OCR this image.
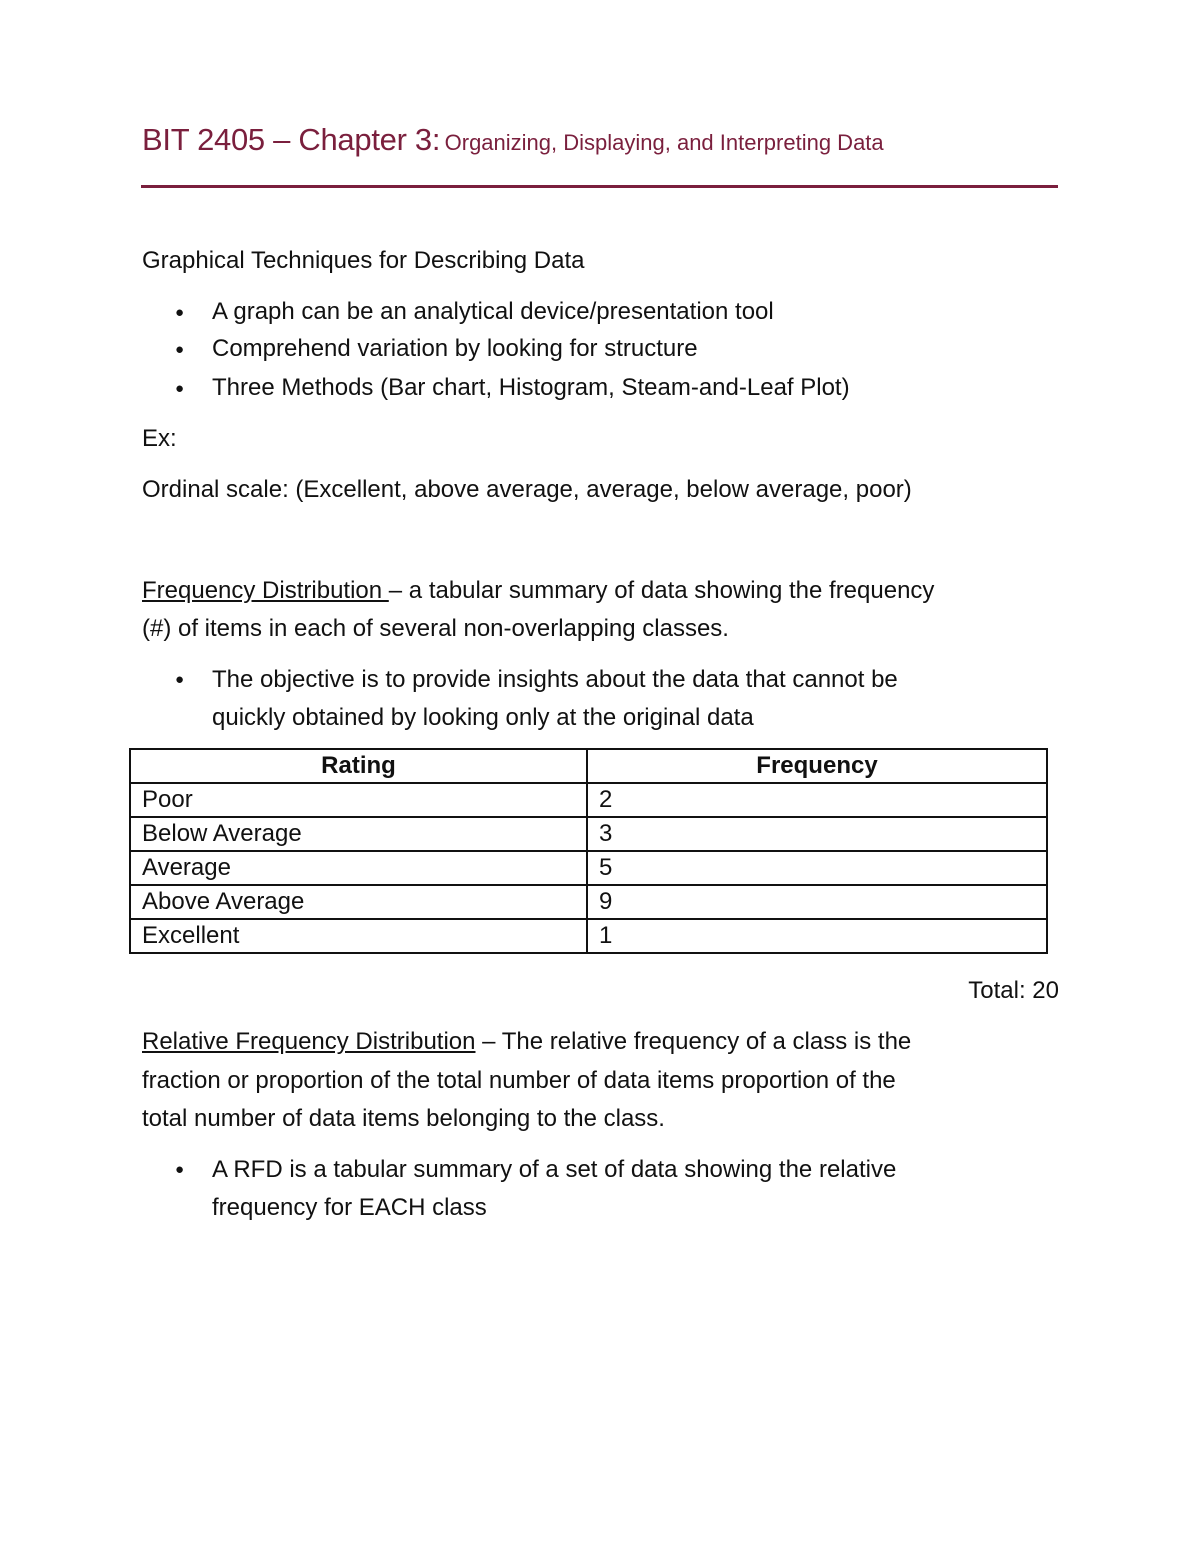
BIT 2405 – Chapter 3: Organizing, Displaying, and Interpreting Data
Graphical Techniques for Describing Data
● A graph can be an analytical device/presentation tool
● Comprehend variation by looking for structure
● Three Methods (Bar chart, Histogram, Steam-and-Leaf Plot)
Ex:
Ordinal scale: (Excellent, above average, average, below average, poor)
Frequency Distribution – a tabular summary of data showing the frequency
(#) of items in each of several non-overlapping classes.
● The objective is to provide insights about the data that cannot be
quickly obtained by looking only at the original data
Rating	Frequency
Poor	2
Below Average	3
Average	5
Above Average	9
Excellent	1
Total: 20
Relative Frequency Distribution – The relative frequency of a class is the
fraction or proportion of the total number of data items proportion of the
total number of data items belonging to the class.
● A RFD is a tabular summary of a set of data showing the relative
frequency for EACH class
